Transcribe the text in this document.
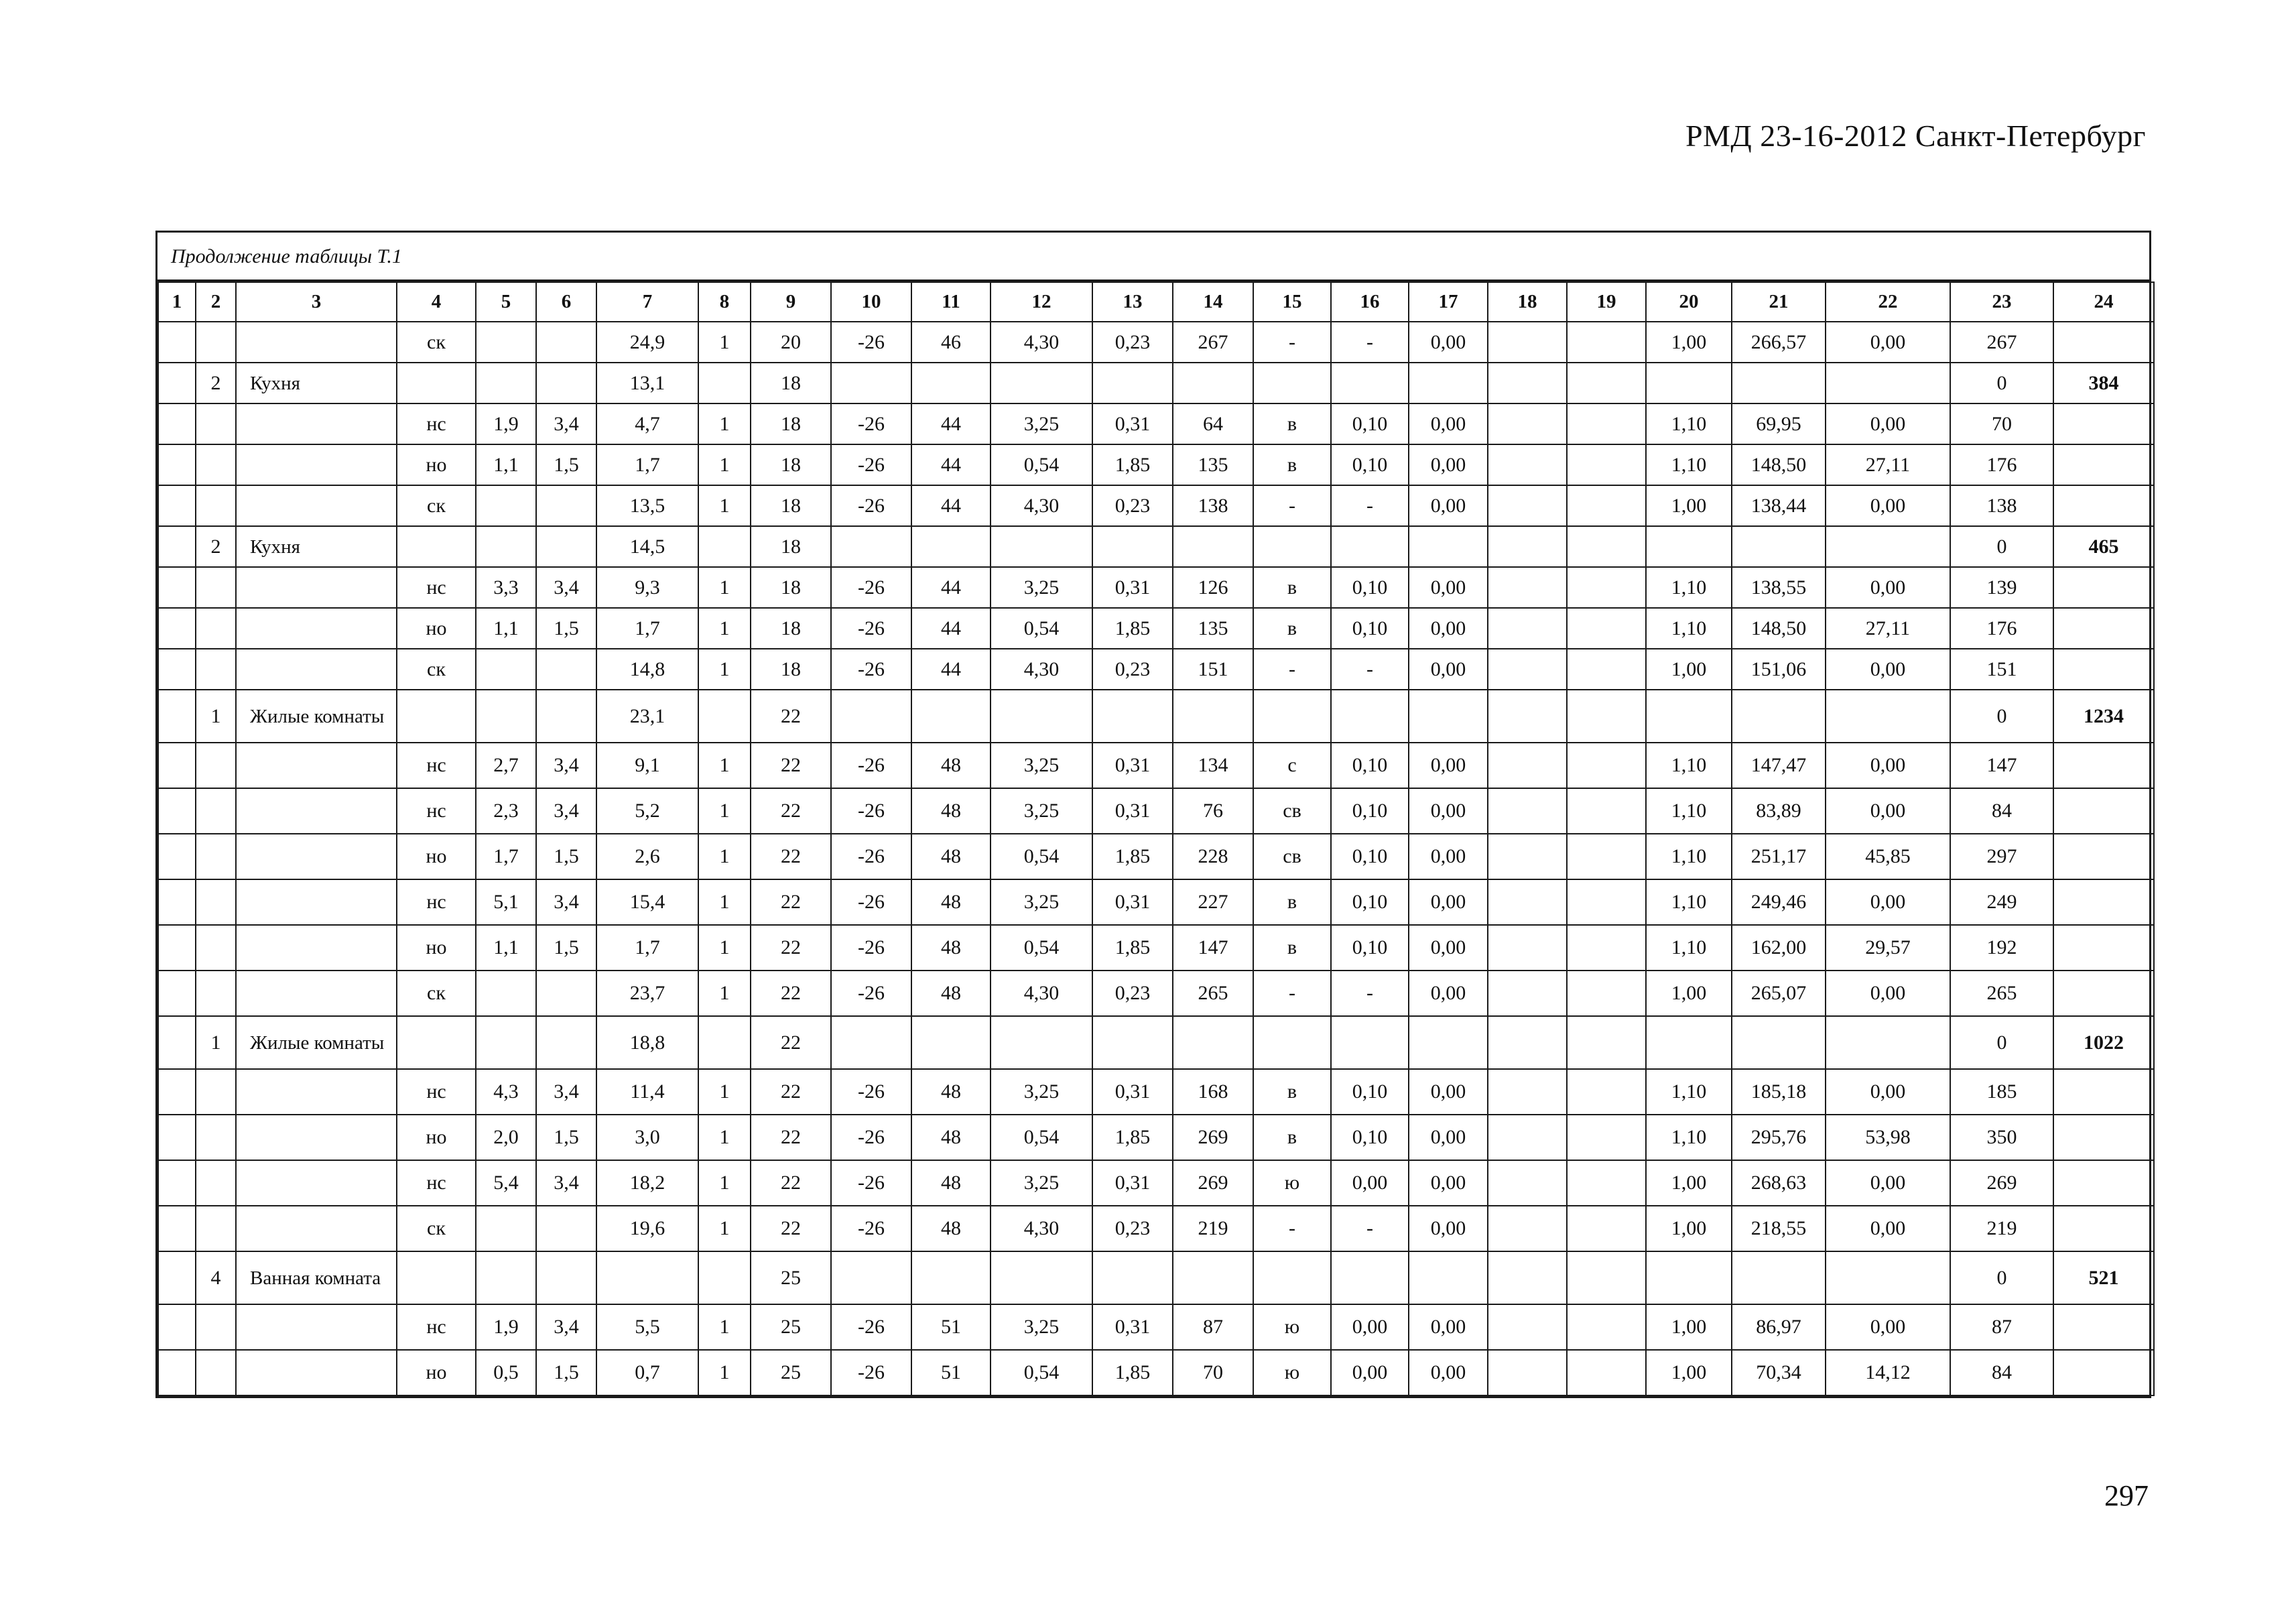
РМД 23-16-2012 Санкт-Петербург
Продолжение таблицы Т.1
1	2	3	4	5	6	7	8	9	10	11	12	13	14	15	16	17	18	19	20	21	22	23	24
			ск			24,9	1	20	-26	46	4,30	0,23	267	-	-	0,00			1,00	266,57	0,00	267	
	2	Кухня				13,1		18														0	384
			нс	1,9	3,4	4,7	1	18	-26	44	3,25	0,31	64	в	0,10	0,00			1,10	69,95	0,00	70	
			но	1,1	1,5	1,7	1	18	-26	44	0,54	1,85	135	в	0,10	0,00			1,10	148,50	27,11	176	
			ск			13,5	1	18	-26	44	4,30	0,23	138	-	-	0,00			1,00	138,44	0,00	138	
	2	Кухня				14,5		18														0	465
			нс	3,3	3,4	9,3	1	18	-26	44	3,25	0,31	126	в	0,10	0,00			1,10	138,55	0,00	139	
			но	1,1	1,5	1,7	1	18	-26	44	0,54	1,85	135	в	0,10	0,00			1,10	148,50	27,11	176	
			ск			14,8	1	18	-26	44	4,30	0,23	151	-	-	0,00			1,00	151,06	0,00	151	
	1	Жилые комнаты				23,1		22														0	1234
			нс	2,7	3,4	9,1	1	22	-26	48	3,25	0,31	134	с	0,10	0,00			1,10	147,47	0,00	147	
			нс	2,3	3,4	5,2	1	22	-26	48	3,25	0,31	76	св	0,10	0,00			1,10	83,89	0,00	84	
			но	1,7	1,5	2,6	1	22	-26	48	0,54	1,85	228	св	0,10	0,00			1,10	251,17	45,85	297	
			нс	5,1	3,4	15,4	1	22	-26	48	3,25	0,31	227	в	0,10	0,00			1,10	249,46	0,00	249	
			но	1,1	1,5	1,7	1	22	-26	48	0,54	1,85	147	в	0,10	0,00			1,10	162,00	29,57	192	
			ск			23,7	1	22	-26	48	4,30	0,23	265	-	-	0,00			1,00	265,07	0,00	265	
	1	Жилые комнаты				18,8		22														0	1022
			нс	4,3	3,4	11,4	1	22	-26	48	3,25	0,31	168	в	0,10	0,00			1,10	185,18	0,00	185	
			но	2,0	1,5	3,0	1	22	-26	48	0,54	1,85	269	в	0,10	0,00			1,10	295,76	53,98	350	
			нс	5,4	3,4	18,2	1	22	-26	48	3,25	0,31	269	ю	0,00	0,00			1,00	268,63	0,00	269	
			ск			19,6	1	22	-26	48	4,30	0,23	219	-	-	0,00			1,00	218,55	0,00	219	
	4	Ванная комната						25														0	521
			нс	1,9	3,4	5,5	1	25	-26	51	3,25	0,31	87	ю	0,00	0,00			1,00	86,97	0,00	87	
			но	0,5	1,5	0,7	1	25	-26	51	0,54	1,85	70	ю	0,00	0,00			1,00	70,34	14,12	84	
297
